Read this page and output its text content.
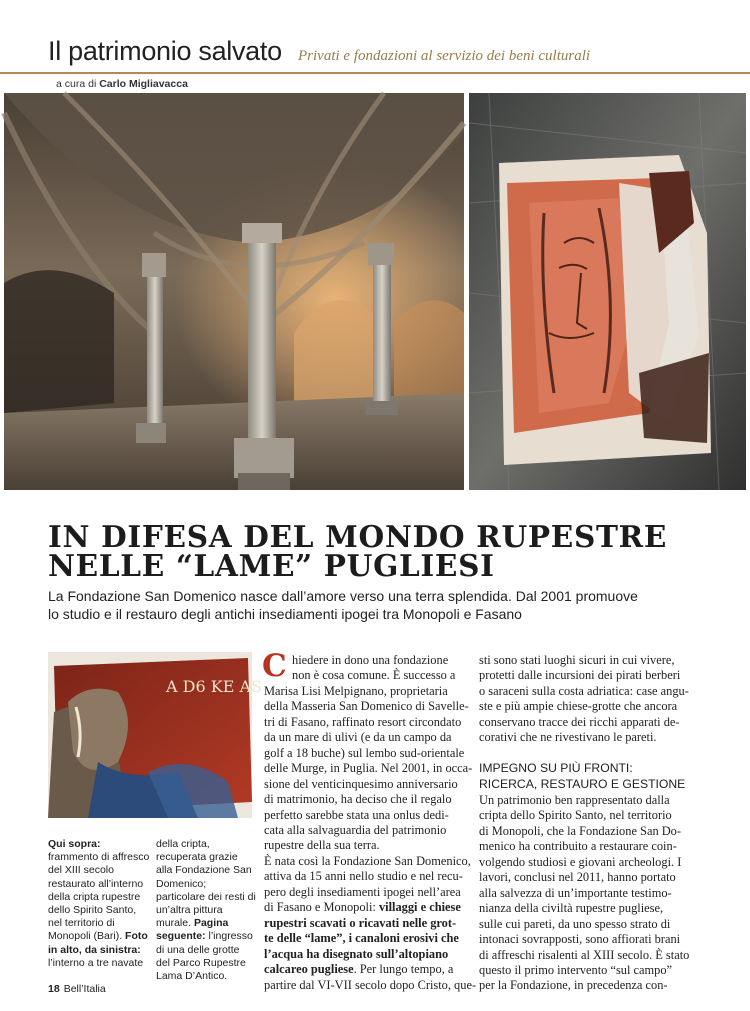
Il patrimonio salvato Privati e fondazioni al servizio dei beni culturali
a cura di Carlo Migliavacca
IN DIFESA DEL MONDO RUPESTRE
NELLE “LAME” PUGLIESI
La Fondazione San Domenico nasce dall’amore verso una terra splendida. Dal 2001 promuove
lo studio e il restauro degli antichi insediamenti ipogei tra Monopoli e Fasano
A D6 KE AS
Qui sopra: frammento di affresco del XIII secolo restaurato all’interno della cripta rupestre dello Spirito Santo, nel territorio di Monopoli (Bari). Foto in alto, da sinistra: l’interno a tre navate
della cripta, recuperata grazie alla Fondazione San Domenico; particolare dei resti di un’altra pittura murale. Pagina seguente: l’ingresso di una delle grotte del Parco Rupestre Lama D’Antico.
C hiedere in dono una fondazione
non è cosa comune. È successo a
Marisa Lisi Melpignano, proprietaria
della Masseria San Domenico di Savelle-
tri di Fasano, raffinato resort circondato
da un mare di ulivi (e da un campo da
golf a 18 buche) sul lembo sud-orientale
delle Murge, in Puglia. Nel 2001, in occa-
sione del venticinquesimo anniversario
di matrimonio, ha deciso che il regalo
perfetto sarebbe stata una onlus dedi-
cata alla salvaguardia del patrimonio
rupestre della sua terra.
È nata così la Fondazione San Domenico,
attiva da 15 anni nello studio e nel recu-
pero degli insediamenti ipogei nell’area
di Fasano e Monopoli: villaggi e chiese
rupestri scavati o ricavati nelle grot-
te delle “lame”, i canaloni erosivi che
l’acqua ha disegnato sull’altopiano
calcareo pugliese. Per lungo tempo, a
partire dal VI-VII secolo dopo Cristo, que-
sti sono stati luoghi sicuri in cui vivere,
protetti dalle incursioni dei pirati berberi
o saraceni sulla costa adriatica: case angu-
ste e più ampie chiese-grotte che ancora
conservano tracce dei ricchi apparati de-
corativi che ne rivestivano le pareti.
IMPEGNO SU PIÙ FRONTI:
RICERCA, RESTAURO E GESTIONE
Un patrimonio ben rappresentato dalla
cripta dello Spirito Santo, nel territorio
di Monopoli, che la Fondazione San Do-
menico ha contribuito a restaurare coin-
volgendo studiosi e giovani archeologi. I
lavori, conclusi nel 2011, hanno portato
alla salvezza di un’importante testimo-
nianza della civiltà rupestre pugliese,
sulle cui pareti, da uno spesso strato di
intonaci sovrapposti, sono affiorati brani
di affreschi risalenti al XIII secolo. È stato
questo il primo intervento “sul campo”
per la Fondazione, in precedenza con-
18 Bell’Italia
